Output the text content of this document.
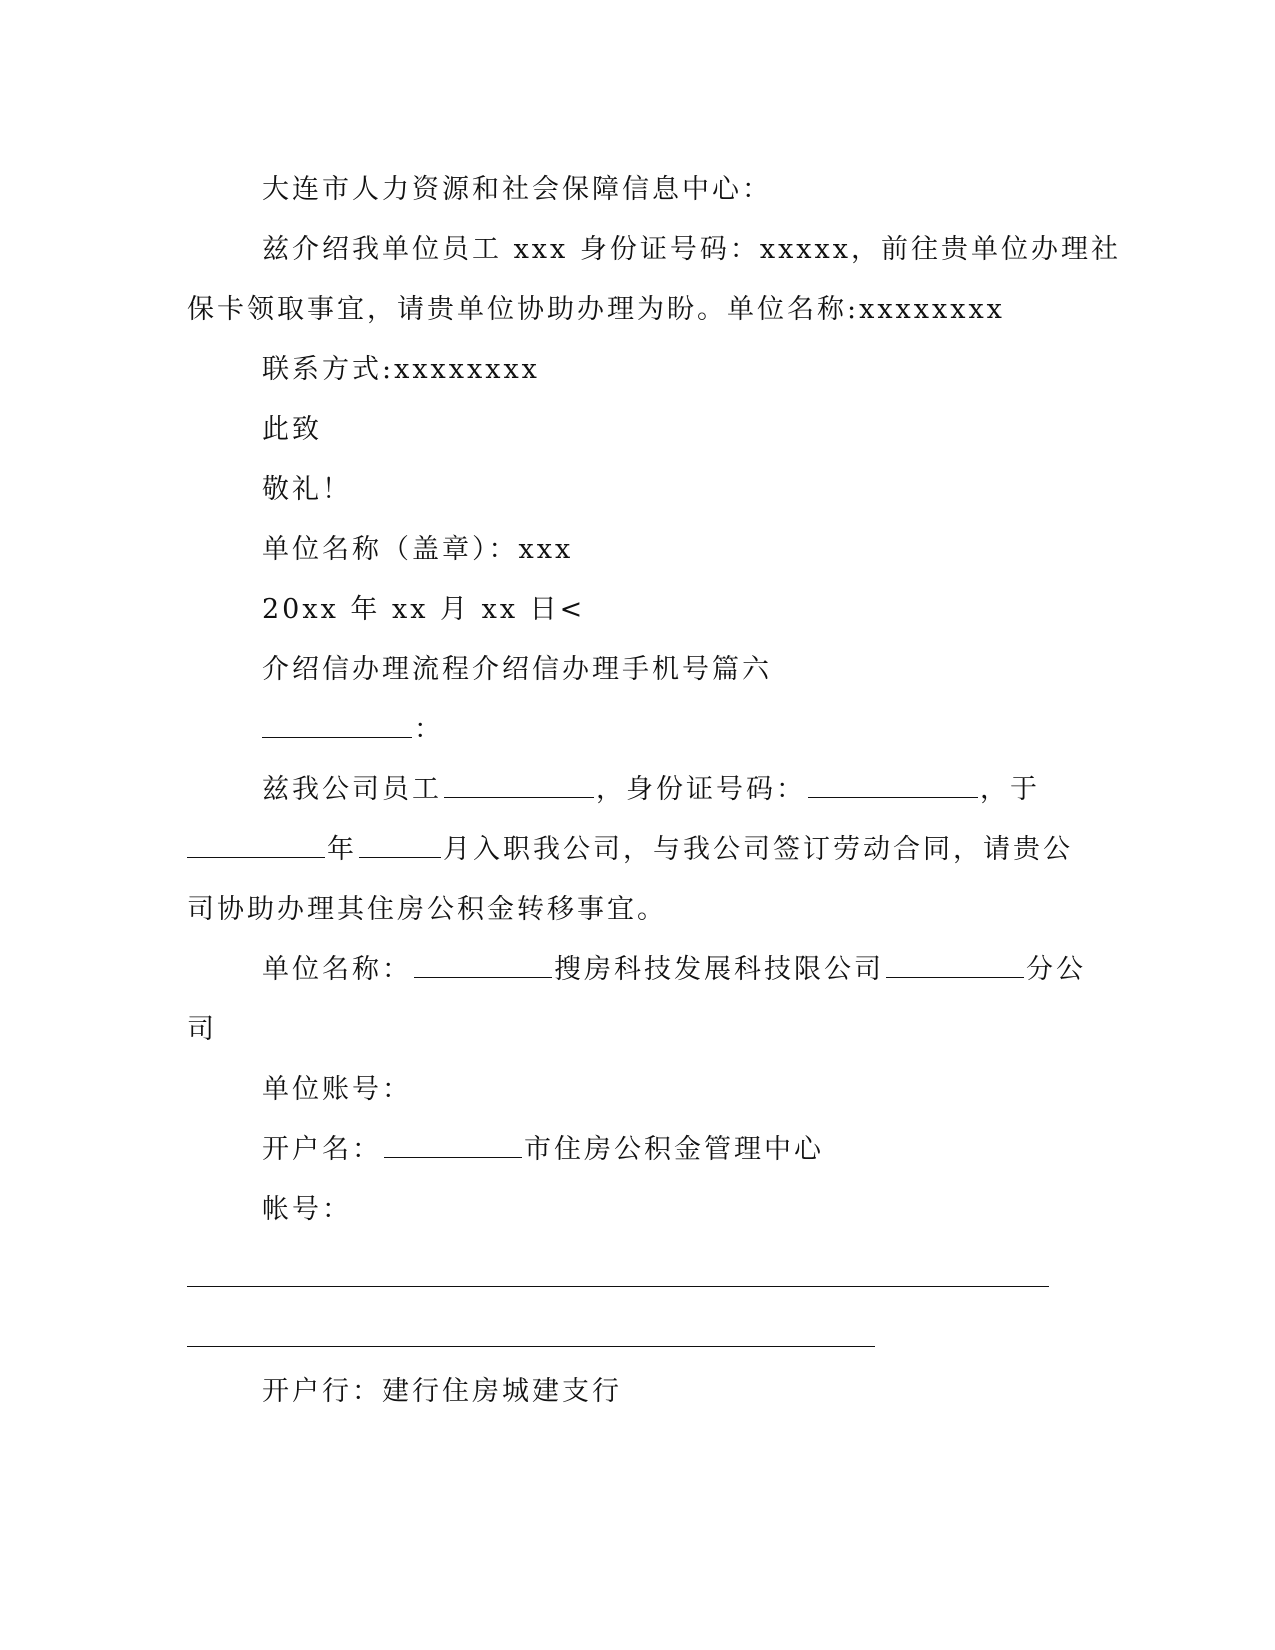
大连市人力资源和社会保障信息中心：
兹介绍我单位员工 xxx 身份证号码：xxxxx，前往贵单位办理社
保卡领取事宜，请贵单位协助办理为盼。单位名称:xxxxxxxx
联系方式:xxxxxxxx
此致
敬礼！
单位名称（盖章）：xxx
20xx 年 xx 月 xx 日<
介绍信办理流程介绍信办理手机号篇六
：
兹我公司员工	，身份证号码：	，于
年	月入职我公司，与我公司签订劳动合同，请贵公
司协助办理其住房公积金转移事宜。
单位名称：	搜房科技发展科技限公司	分公
司
单位账号：
开户名：	市住房公积金管理中心
帐号：
开户行：建行住房城建支行
